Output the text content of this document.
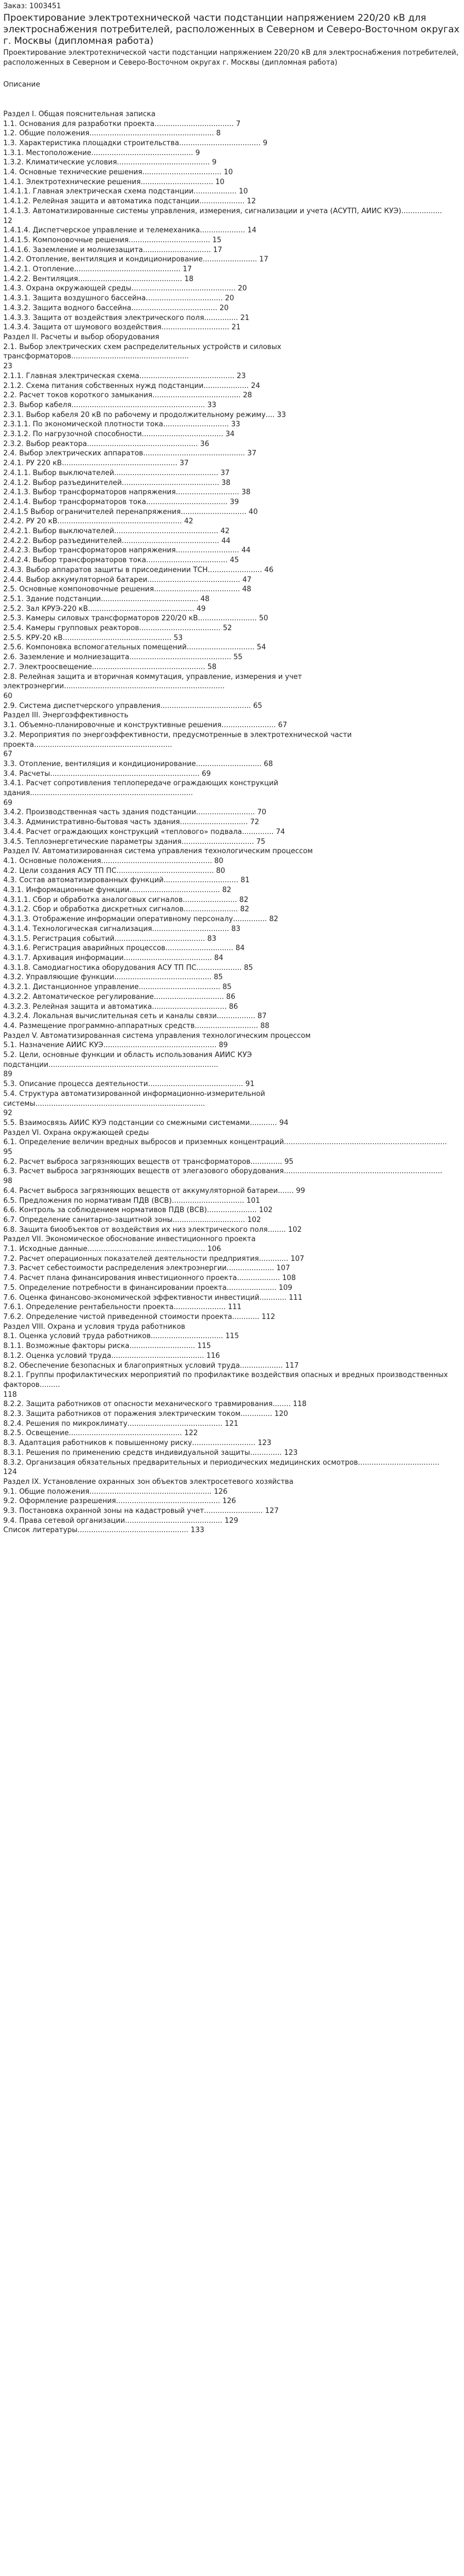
Заказ: 1003451
Проектирование электротехнической части подстанции напряжением 220/20 кВ для электроснабжения потребителей, расположенных в Северном и Северо-Восточном округах г. Москвы (дипломная работа)

Проектирование электротехнической части подстанции напряжением 220/20 кВ для электроснабжения потребителей, расположенных в Северном и Северо-Восточном округах г. Москвы (дипломная работа)

Описание
Раздел I. Общая пояснительная записка
1.1. Основания для разработки проекта................................... 7
1.2. Общие положения....................................................... 8
1.3. Характеристика площадки строительства.................................... 9
1.3.1. Местоположение............................................. 9
1.3.2. Климатические условия......................................... 9
1.4. Основные технические решения................................... 10
1.4.1. Электротехнические решения................................ 10
1.4.1.1. Главная электрическая схема подстанции................... 10
1.4.1.2. Релейная защита и автоматика подстанции.................... 12
1.4.1.3. Автоматизированные системы управления, измерения, сигнализации и учета (АСУТП, АИИС КУЭ)..................
12
1.4.1.4. Диспетчерское управление и телемеханика.................... 14
1.4.1.5. Компоновочные решения.................................... 15
1.4.1.6. Заземление и молниезащита.............................. 17
1.4.2. Отопление, вентиляция и кондиционирование........................ 17
1.4.2.1. Отопление............................................... 17
1.4.2.2. Вентиляция.............................................. 18
1.4.3. Охрана окружающей среды.............................................. 20
1.4.3.1. Защита воздушного бассейна.................................. 20
1.4.3.2. Защита водного бассейна...................................... 20
1.4.3.3. Защита от воздействия электрического поля............... 21
1.4.3.4. Защита от шумового воздействия.............................. 21
Раздел II. Расчеты и выбор оборудования
2.1. Выбор электрических схем распределительных устройств и силовых трансформаторов....................................................
23
2.1.1. Главная электрическая схема.......................................... 23
2.1.2. Схема питания собственных нужд подстанции.................... 24
2.2. Расчет токов короткого замыкания....................................... 28
2.3. Выбор кабеля........................................................... 33
2.3.1. Выбор кабеля 20 кВ по рабочему и продолжительному режиму.... 33
2.3.1.1. По экономической плотности тока............................. 33
2.3.1.2. По нагрузочной способности.................................... 34
2.3.2. Выбор реактора................................................. 36
2.4. Выбор электрических аппаратов............................................. 37
2.4.1. РУ 220 кВ................................................... 37
2.4.1.1. Выбор выключателей.............................................. 37
2.4.1.2. Выбор разъединителей........................................... 38
2.4.1.3. Выбор трансформаторов напряжения............................ 38
2.4.1.4. Выбор трансформаторов тока.................................... 39
2.4.1.5 Выбор ограничителей перенапряжения............................. 40
2.4.2. РУ 20 кВ....................................................... 42
2.4.2.1. Выбор выключателей.............................................. 42
2.4.2.2. Выбор разъединителей........................................... 44
2.4.2.3. Выбор трансформаторов напряжения............................ 44
2.4.2.4. Выбор трансформаторов тока.................................... 45
2.4.3. Выбор аппаратов защиты в присоединении ТСН........................ 46
2.4.4. Выбор аккумуляторной батареи......................................... 47
2.5. Основные компоновочные решения...................................... 48
2.5.1. Здание подстанции........................................... 48
2.5.2. Зал КРУЭ-220 кВ............................................... 49
2.5.3. Камеры силовых трансформаторов 220/20 кВ.......................... 50
2.5.4. Камеры групповых реакторов.................................... 52
2.5.5. КРУ-20 кВ................................................ 53
2.5.6. Компоновка вспомогательных помещений.............................. 54
2.6. Заземление и молниезащита............................................. 55
2.7. Электроосвещение.................................................. 58
2.8. Релейная защита и вторичная коммутация, управление, измерения и учет электроэнергии.......................................................................
60
2.9. Система диспетчерского управления........................................ 65
Раздел III. Энергоэффективность
3.1. Объемно-планировочные и конструктивные решения........................ 67
3.2. Мероприятия по энергоэффективности, предусмотренные в электротехнической части проекта.............................................................
67
3.3. Отопление, вентиляция и кондиционирование............................. 68
3.4. Расчеты.................................................................. 69
3.4.1. Расчет сопротивления теплопередаче ограждающих конструкций здания........................................................................
69
3.4.2. Производственная часть здания подстанции.......................... 70
3.4.3. Административно-бытовая часть здания.............................. 72
3.4.4. Расчет ограждающих конструкций «теплового» подвала.............. 74
3.4.5. Теплоэнергетические параметры здания................................ 75
Раздел IV. Автоматизированная система управления технологическим процессом
4.1. Основные положения................................................. 80
4.2. Цели создания АСУ ТП ПС........................................... 80
4.3. Состав автоматизированных функций................................. 81
4.3.1. Информационные функции........................................ 82
4.3.1.1. Сбор и обработка аналоговых сигналов........................ 82
4.3.1.2. Сбор и обработка дискретных сигналов........................ 82
4.3.1.3. Отображение информации оперативному персоналу............... 82
4.3.1.4. Технологическая сигнализация.................................. 83
4.3.1.5. Регистрация событий........................................ 83
4.3.1.6. Регистрация аварийных процессов.............................. 84
4.3.1.7. Архивация информации....................................... 84
4.3.1.8. Самодиагностика оборудования АСУ ТП ПС.................... 85
4.3.2. Управляющие функции........................................... 85
4.3.2.1. Дистанционное управление.................................... 85
4.3.2.2. Автоматическое регулирование............................... 86
4.3.2.3. Релейная защита и автоматика................................. 86
4.3.2.4. Локальная вычислительная сеть и каналы связи................. 87
4.4. Размещение программно-аппаратных средств............................ 88
Раздел V. Автоматизированная система управления технологическим процессом
5.1. Назначение АИИС КУЭ.................................................. 89
5.2. Цели, основные функции и область использования АИИС КУЭ подстанции...........................................................................
89
5.3. Описание процесса деятельности.......................................... 91
5.4. Структура автоматизированной информационно-измерительной системы...........................................................................
92
5.5. Взаимосвязь АИИС КУЭ подстанции со смежными системами............ 94
Раздел VI. Охрана окружающей среды
6.1. Определение величин вредных выбросов и приземных концентраций........................................................................
95
6.2. Расчет выброса загрязняющих веществ от трансформаторов.............. 95
6.3. Расчет выброса загрязняющих веществ от элегазового оборудования......................................................................
98
6.4. Расчет выброса загрязняющих веществ от аккумуляторной батареи....... 99
6.5. Предложения по нормативам ПДВ (ВСВ)................................ 101
6.6. Контроль за соблюдением нормативов ПДВ (ВСВ)...................... 102
6.7. Определение санитарно-защитной зоны................................ 102
6.8. Защита биообъектов от воздействия их низ электрического поля........ 102
Раздел VII. Экономическое обоснование инвестиционного проекта
7.1. Исходные данные.................................................... 106
7.2. Расчет операционных показателей деятельности предприятия............. 107
7.3. Расчет себестоимости распределения электроэнергии..................... 107
7.4. Расчет плана финансирования инвестиционного проекта................... 108
7.5. Определение потребности в финансировании проекта...................... 109
7.6. Оценка финансово-экономической эффективности инвестиций............ 111
7.6.1. Определение рентабельности проекта....................... 111
7.6.2. Определение чистой приведенной стоимости проекта............ 112
Раздел VIII. Охрана и условия труда работников
8.1. Оценка условий труда работников................................ 115
8.1.1. Возможные факторы риска............................. 115
8.1.2. Оценка условий труда......................................... 116
8.2. Обеспечение безопасных и благоприятных условий труда................... 117
8.2.1. Группы профилактических мероприятий по профилактике воздействия опасных и вредных производственных факторов.........
118
8.2.2. Защита работников от опасности механического травмирования........ 118
8.2.3. Защита работников от поражения электрическим током.............. 120
8.2.4. Решения по микроклимату.......................................... 121
8.2.5. Освещение.................................................. 122
8.3. Адаптация работников к повышенному риску............................ 123
8.3.1. Решения по применению средств индивидуальной защиты.............. 123
8.3.2. Организация обязательных предварительных и периодических медицинских осмотров....................................
124
Раздел IX. Установление охранных зон объектов электросетевого хозяйства
9.1. Общие положения...................................................... 126
9.2. Оформление разрешения.............................................. 126
9.3. Постановка охранной зоны на кадастровый учет.......................... 127
9.4. Права сетевой организации........................................... 129
Список литературы................................................. 133
